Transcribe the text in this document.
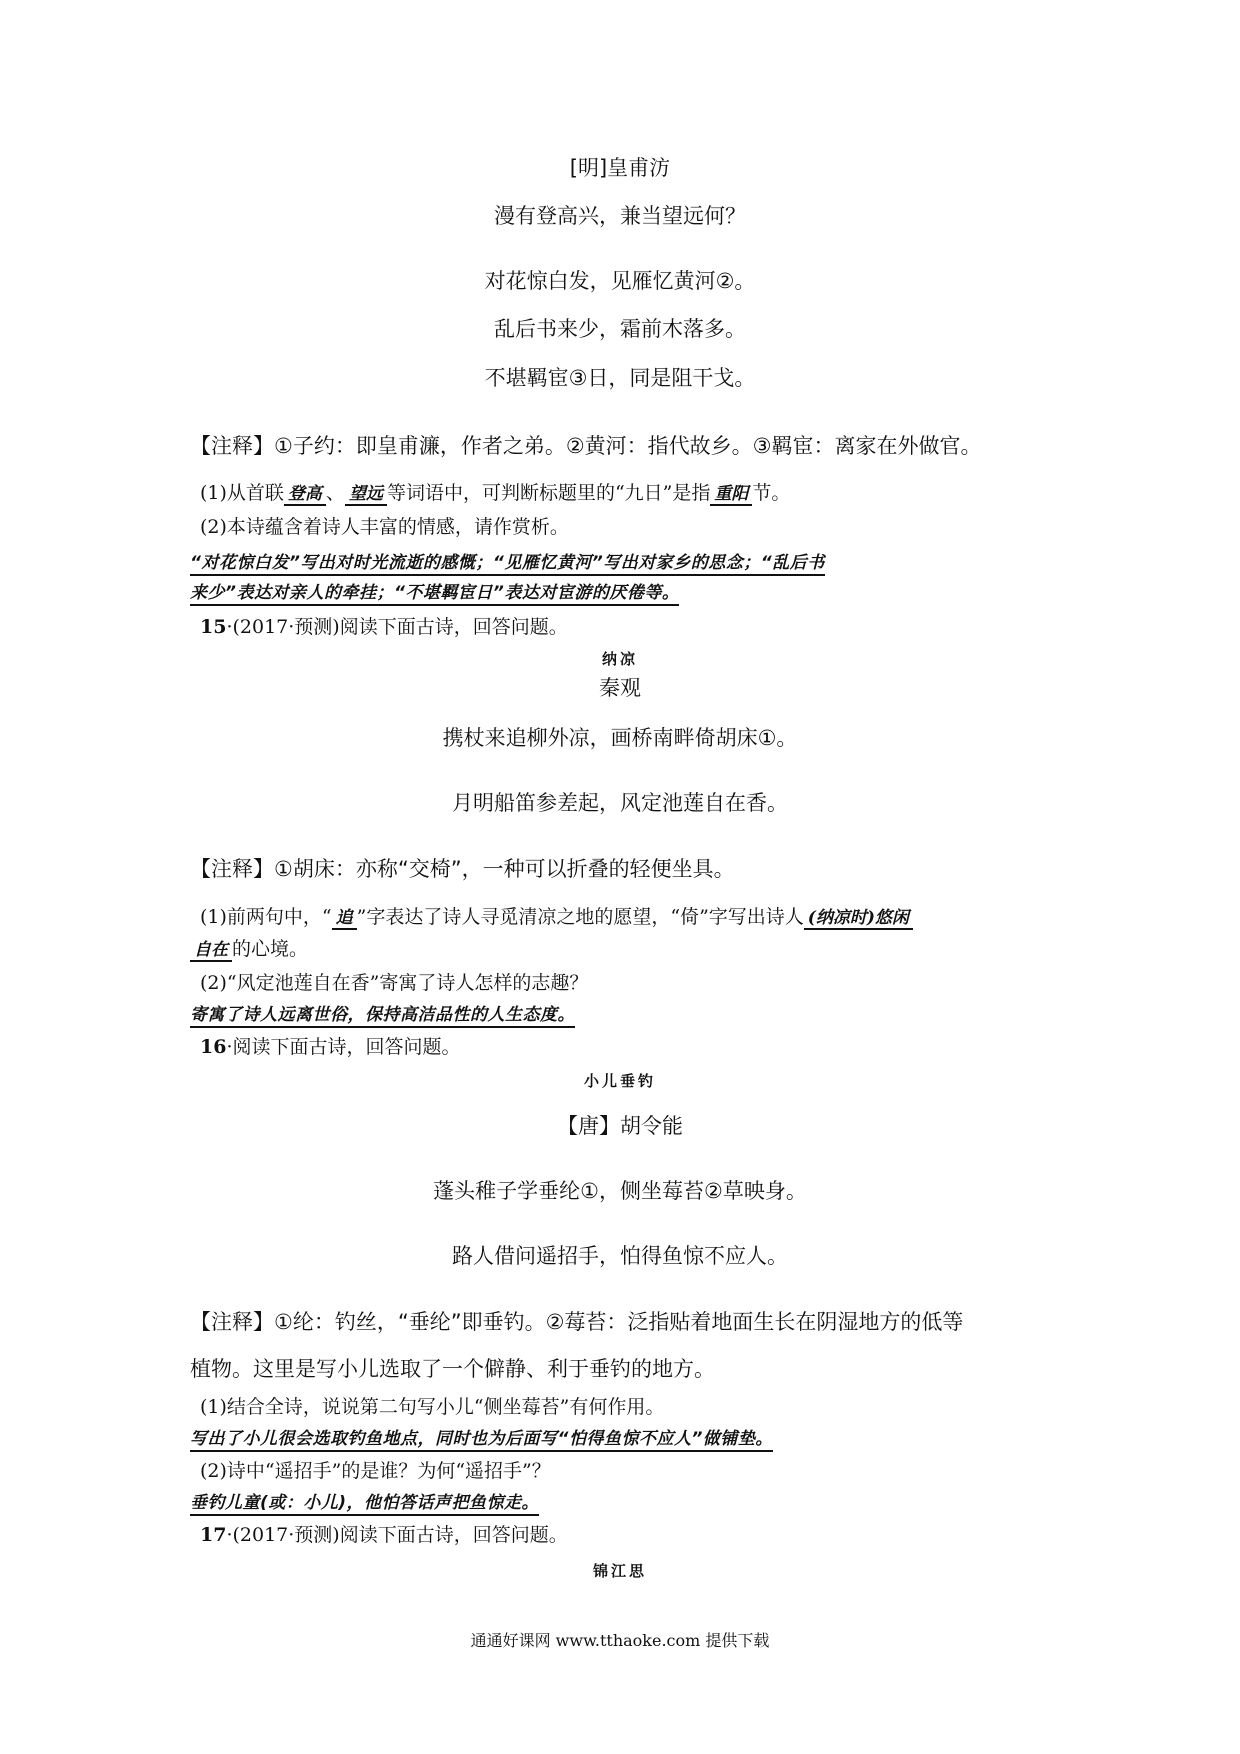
[明]皇甫汸
漫有登高兴，兼当望远何？
对花惊白发，见雁忆黄河②。
乱后书来少，霜前木落多。
不堪羁宦③日，同是阻干戈。
【注释】①子约：即皇甫濂，作者之弟。②黄河：指代故乡。③羁宦：离家在外做官。
(1)从首联 登高 、 望远 等词语中，可判断标题里的“九日”是指 重阳 节。
(2)本诗蕴含着诗人丰富的情感，请作赏析。
“对花惊白发”写出对时光流逝的感慨；“见雁忆黄河”写出对家乡的思念；“乱后书
来少”表达对亲人的牵挂；“不堪羁宦日”表达对宦游的厌倦等。
15·(2017·预测)阅读下面古诗，回答问题。
纳凉
秦观
携杖来追柳外凉，画桥南畔倚胡床①。
月明船笛参差起，风定池莲自在香。
【注释】①胡床：亦称“交椅”，一种可以折叠的轻便坐具。
(1)前两句中，“ 追 ”字表达了诗人寻觅清凉之地的愿望，“倚”字写出诗人 (纳凉时)悠闲
自在 的心境。
(2)“风定池莲自在香”寄寓了诗人怎样的志趣？
寄寓了诗人远离世俗，保持高洁品性的人生态度。
16·阅读下面古诗，回答问题。
小儿垂钓
【唐】胡令能
蓬头稚子学垂纶①，侧坐莓苔②草映身。
路人借问遥招手，怕得鱼惊不应人。
【注释】①纶：钓丝，“垂纶”即垂钓。②莓苔：泛指贴着地面生长在阴湿地方的低等
植物。这里是写小儿选取了一个僻静、利于垂钓的地方。
(1)结合全诗，说说第二句写小儿“侧坐莓苔”有何作用。
写出了小儿很会选取钓鱼地点，同时也为后面写“怕得鱼惊不应人”做铺垫。
(2)诗中“遥招手”的是谁？为何“遥招手”？
垂钓儿童(或：小儿)，他怕答话声把鱼惊走。
17·(2017·预测)阅读下面古诗，回答问题。
锦江思
通通好课网 www.tthaoke.com 提供下载
